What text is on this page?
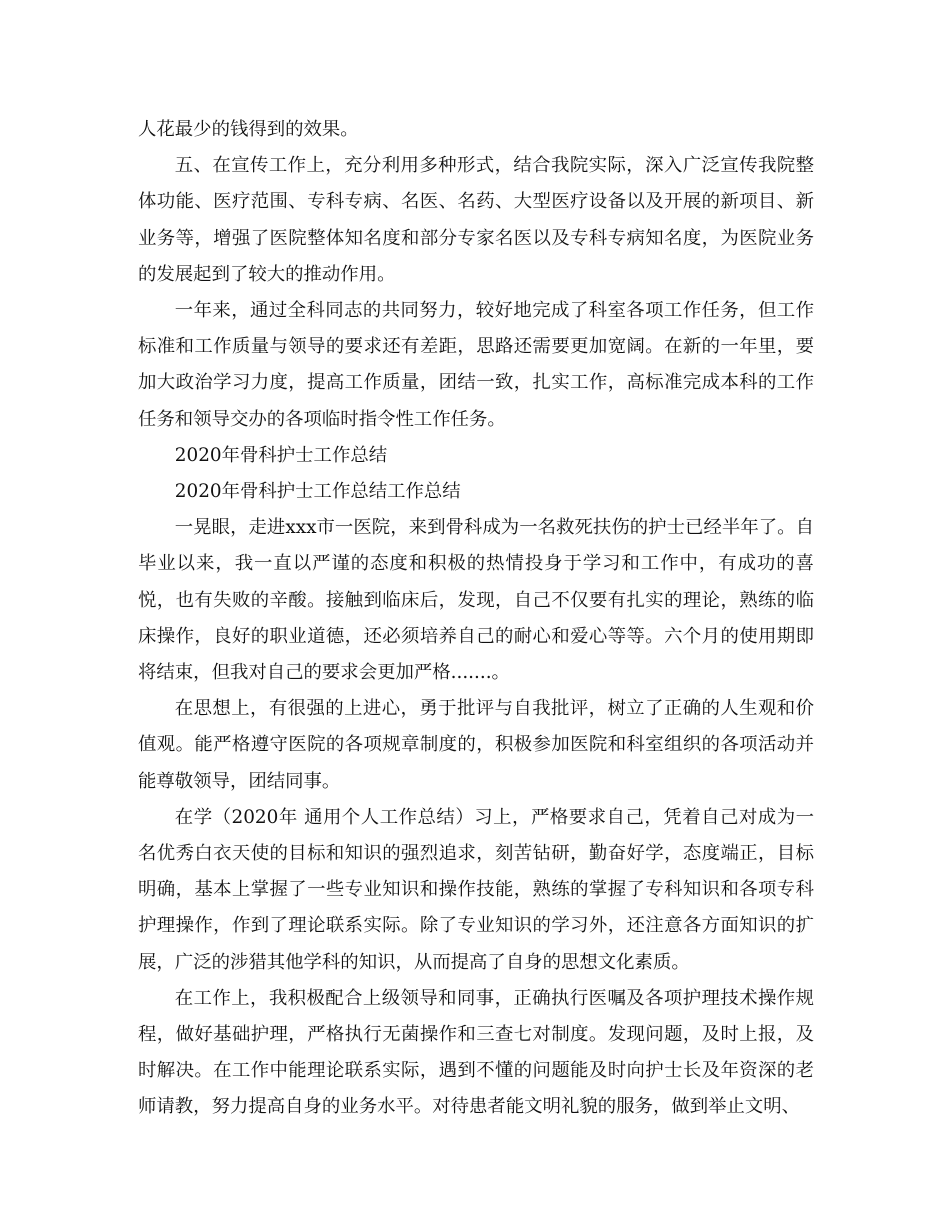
人花最少的钱得到的效果。

五、在宣传工作上，充分利用多种形式，结合我院实际，深入广泛宣传我院整体功能、医疗范围、专科专病、名医、名药、大型医疗设备以及开展的新项目、新业务等，增强了医院整体知名度和部分专家名医以及专科专病知名度，为医院业务的发展起到了较大的推动作用。

一年来，通过全科同志的共同努力，较好地完成了科室各项工作任务，但工作标准和工作质量与领导的要求还有差距，思路还需要更加宽阔。在新的一年里，要加大政治学习力度，提高工作质量，团结一致，扎实工作，高标准完成本科的工作任务和领导交办的各项临时指令性工作任务。

2020年骨科护士工作总结

2020年骨科护士工作总结工作总结

一晃眼，走进xxx市一医院，来到骨科成为一名救死扶伤的护士已经半年了。自毕业以来，我一直以严谨的态度和积极的热情投身于学习和工作中，有成功的喜悦，也有失败的辛酸。接触到临床后，发现，自己不仅要有扎实的理论，熟练的临床操作，良好的职业道德，还必须培养自己的耐心和爱心等等。六个月的使用期即将结束，但我对自己的要求会更加严格.......。

在思想上，有很强的上进心，勇于批评与自我批评，树立了正确的人生观和价值观。能严格遵守医院的各项规章制度的，积极参加医院和科室组织的各项活动并能尊敬领导，团结同事。

在学（2020年 通用个人工作总结）习上，严格要求自己，凭着自己对成为一名优秀白衣天使的目标和知识的强烈追求，刻苦钻研，勤奋好学，态度端正，目标明确，基本上掌握了一些专业知识和操作技能，熟练的掌握了专科知识和各项专科护理操作，作到了理论联系实际。除了专业知识的学习外，还注意各方面知识的扩展，广泛的涉猎其他学科的知识，从而提高了自身的思想文化素质。

在工作上，我积极配合上级领导和同事，正确执行医嘱及各项护理技术操作规程，做好基础护理，严格执行无菌操作和三查七对制度。发现问题，及时上报，及时解决。在工作中能理论联系实际，遇到不懂的问题能及时向护士长及年资深的老师请教，努力提高自身的业务水平。对待患者能文明礼貌的服务，做到举止文明、
